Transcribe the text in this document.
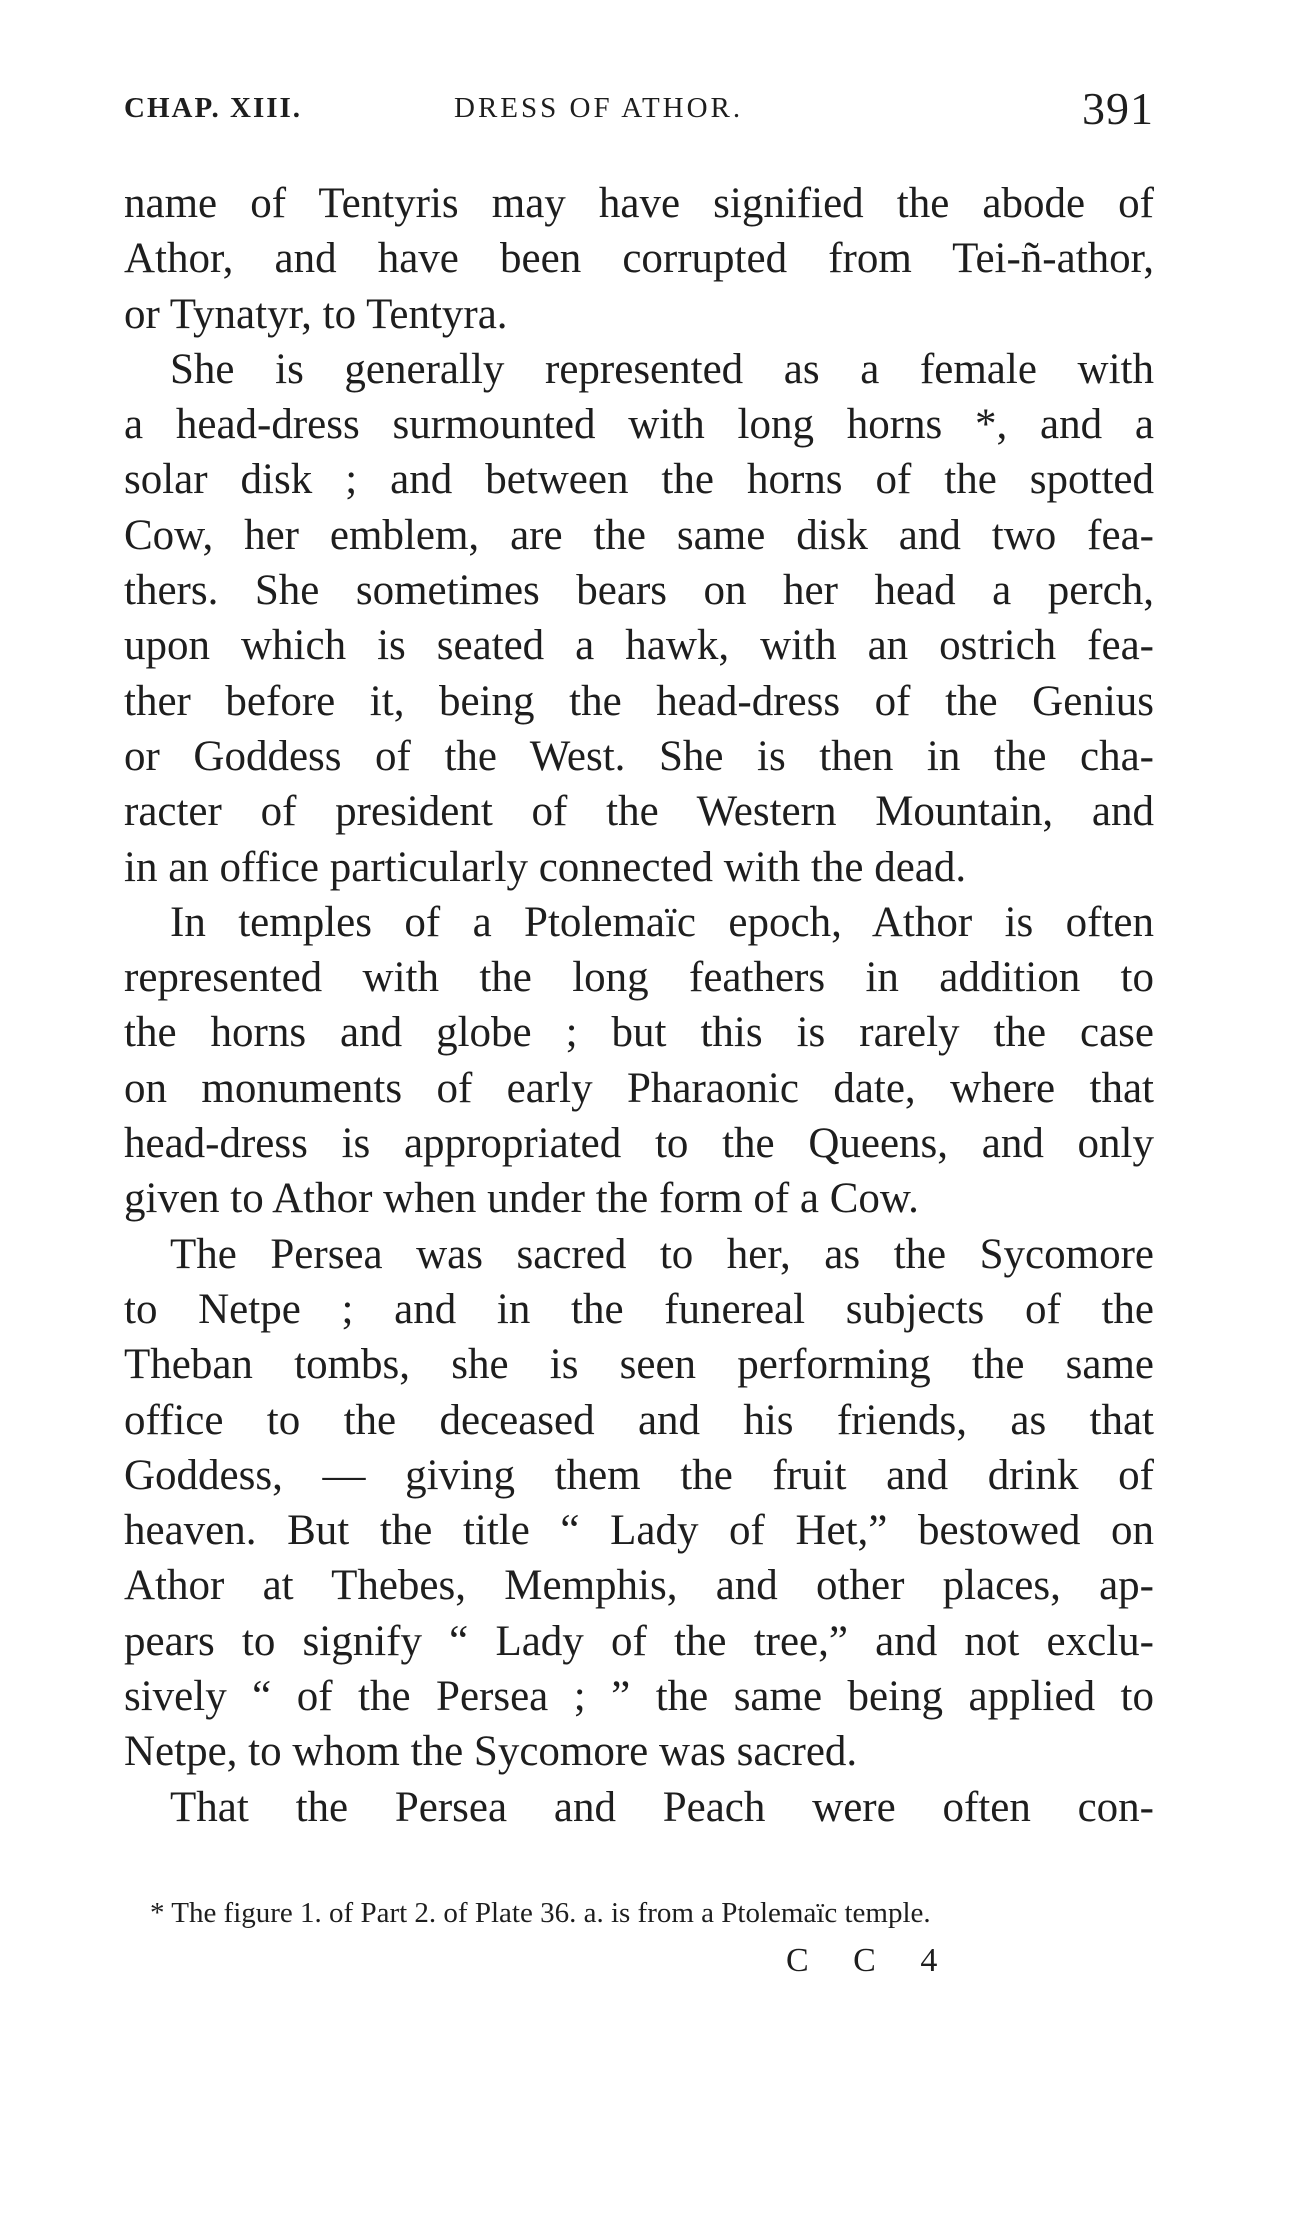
CHAP. XIII.	DRESS OF ATHOR.	391
name of Tentyris may have signified the abode of
Athor, and have been corrupted from Tei-ñ-athor,
or Tynatyr, to Tentyra.
She is generally represented as a female with
a head-dress surmounted with long horns *, and a
solar disk ; and between the horns of the spotted
Cow, her emblem, are the same disk and two fea-
thers. She sometimes bears on her head a perch,
upon which is seated a hawk, with an ostrich fea-
ther before it, being the head-dress of the Genius
or Goddess of the West. She is then in the cha-
racter of president of the Western Mountain, and
in an office particularly connected with the dead.
In temples of a Ptolemaïc epoch, Athor is often
represented with the long feathers in addition to
the horns and globe ; but this is rarely the case
on monuments of early Pharaonic date, where that
head-dress is appropriated to the Queens, and only
given to Athor when under the form of a Cow.
The Persea was sacred to her, as the Sycomore
to Netpe ; and in the funereal subjects of the
Theban tombs, she is seen performing the same
office to the deceased and his friends, as that
Goddess, — giving them the fruit and drink of
heaven. But the title “ Lady of Het,” bestowed on
Athor at Thebes, Memphis, and other places, ap-
pears to signify “ Lady of the tree,” and not exclu-
sively “ of the Persea ; ” the same being applied to
Netpe, to whom the Sycomore was sacred.
That the Persea and Peach were often con-
* The figure 1. of Part 2. of Plate 36. a. is from a Ptolemaïc temple.
C C 4
